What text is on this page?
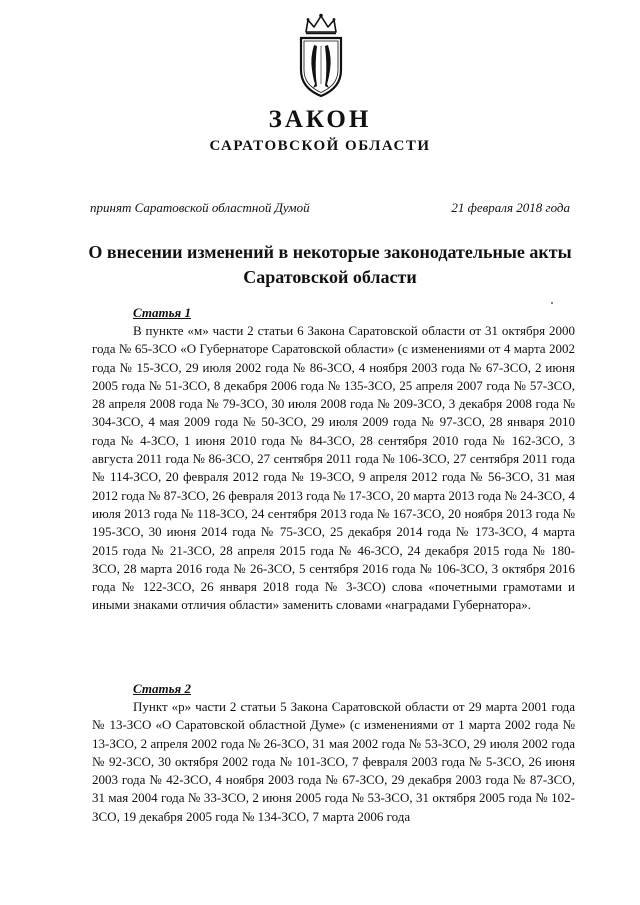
ЗАКОН
САРАТОВСКОЙ ОБЛАСТИ
принят Саратовской областной Думой	21 февраля 2018 года
О внесении изменений в некоторые законодательные акты Саратовской области
Статья 1

В пункте «м» части 2 статьи 6 Закона Саратовской области от 31 октября 2000 года № 65-ЗСО «О Губернаторе Саратовской области» (с изменениями от 4 марта 2002 года № 15-ЗСО, 29 июля 2002 года № 86-ЗСО, 4 ноября 2003 года № 67-ЗСО, 2 июня 2005 года № 51-ЗСО, 8 декабря 2006 года № 135-ЗСО, 25 апреля 2007 года № 57-ЗСО, 28 апреля 2008 года № 79-ЗСО, 30 июля 2008 года № 209-ЗСО, 3 декабря 2008 года № 304-ЗСО, 4 мая 2009 года № 50-ЗСО, 29 июля 2009 года № 97-ЗСО, 28 января 2010 года № 4-ЗСО, 1 июня 2010 года № 84-ЗСО, 28 сентября 2010 года № 162-ЗСО, 3 августа 2011 года № 86-ЗСО, 27 сентября 2011 года № 106-ЗСО, 27 сентября 2011 года № 114-ЗСО, 20 февраля 2012 года № 19-ЗСО, 9 апреля 2012 года № 56-ЗСО, 31 мая 2012 года № 87-ЗСО, 26 февраля 2013 года № 17-ЗСО, 20 марта 2013 года № 24-ЗСО, 4 июля 2013 года № 118-ЗСО, 24 сентября 2013 года № 167-ЗСО, 20 ноября 2013 года № 195-ЗСО, 30 июня 2014 года № 75-ЗСО, 25 декабря 2014 года № 173-ЗСО, 4 марта 2015 года № 21-ЗСО, 28 апреля 2015 года № 46-ЗСО, 24 декабря 2015 года № 180-ЗСО, 28 марта 2016 года № 26-ЗСО, 5 сентября 2016 года № 106-ЗСО, 3 октября 2016 года № 122-ЗСО, 26 января 2018 года № 3-ЗСО) слова «почетными грамотами и иными знаками отличия области» заменить словами «наградами Губернатора».

Статья 2

Пункт «р» части 2 статьи 5 Закона Саратовской области от 29 марта 2001 года № 13-ЗСО «О Саратовской областной Думе» (с изменениями от 1 марта 2002 года № 13-ЗСО, 2 апреля 2002 года № 26-ЗСО, 31 мая 2002 года № 53-ЗСО, 29 июля 2002 года № 92-ЗСО, 30 октября 2002 года № 101-ЗСО, 7 февраля 2003 года № 5-ЗСО, 26 июня 2003 года № 42-ЗСО, 4 ноября 2003 года № 67-ЗСО, 29 декабря 2003 года № 87-ЗСО, 31 мая 2004 года № 33-ЗСО, 2 июня 2005 года № 53-ЗСО, 31 октября 2005 года № 102-ЗСО, 19 декабря 2005 года № 134-ЗСО, 7 марта 2006 года
